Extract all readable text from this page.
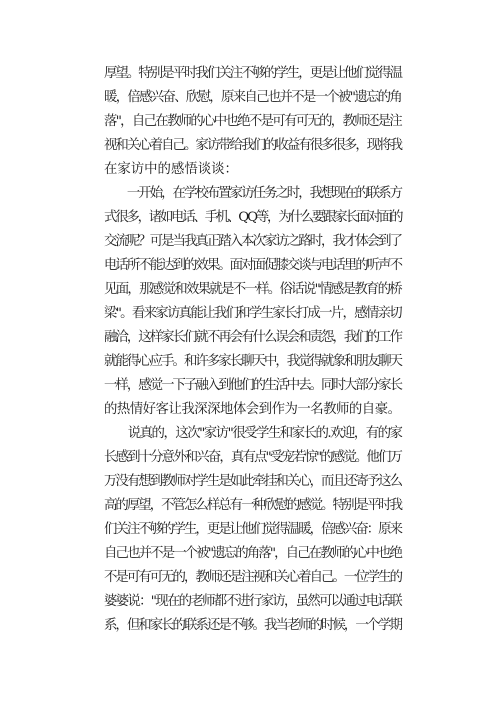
厚望。特别是平时我们关注不够的学生，更是让他们觉得温
暖，倍感兴奋、欣慰，原来自己也并不是一个被"遗忘的角
落"，自己在教师的心中也绝不是可有可无的，教师还是注
视和关心着自己。家访带给我们的收益有很多很多，现将我
在家访中的感悟谈谈：
　　一开始，在学校布置家访任务之时，我想现在的联系方
式很多，诸如电话、手机、QQ等，为什么要跟家长面对面的
交流呢？可是当我真正踏入本次家访之路时，我才体会到了
电话所不能达到的效果。面对面促膝交谈与电话里的听声不
见面，那感觉和效果就是不一样。俗话说"情感是教育的桥
梁"。看来家访真能让我们和学生家长打成一片，感情亲切
融洽，这样家长们就不再会有什么误会和责怨，我们的工作
就能得心应手。和许多家长聊天中，我觉得就象和朋友聊天
一样，感觉一下子融入到他们的生活中去。同时大部分家长
的热情好客让我深深地体会到作为一名教师的自豪。
　　说真的，这次"家访"很受学生和家长的.欢迎，有的家
长感到十分意外和兴奋，真有点"受宠若惊"的感觉。他们万
万没有想到教师对学生是如此牵挂和关心，而且还寄予这么
高的厚望，不管怎么样总有一种欣慰的感觉。特别是平时我
们关注不够的学生，更是让他们觉得温暖，倍感兴奋：原来
自己也并不是一个被"遗忘的角落"，自己在教师的心中也绝
不是可有可无的，教师还是注视和关心着自己。一位学生的
婆婆说："现在的老师都不进行家访，虽然可以通过电话联
系，但和家长的联系还是不够。我当老师的时候，一个学期
